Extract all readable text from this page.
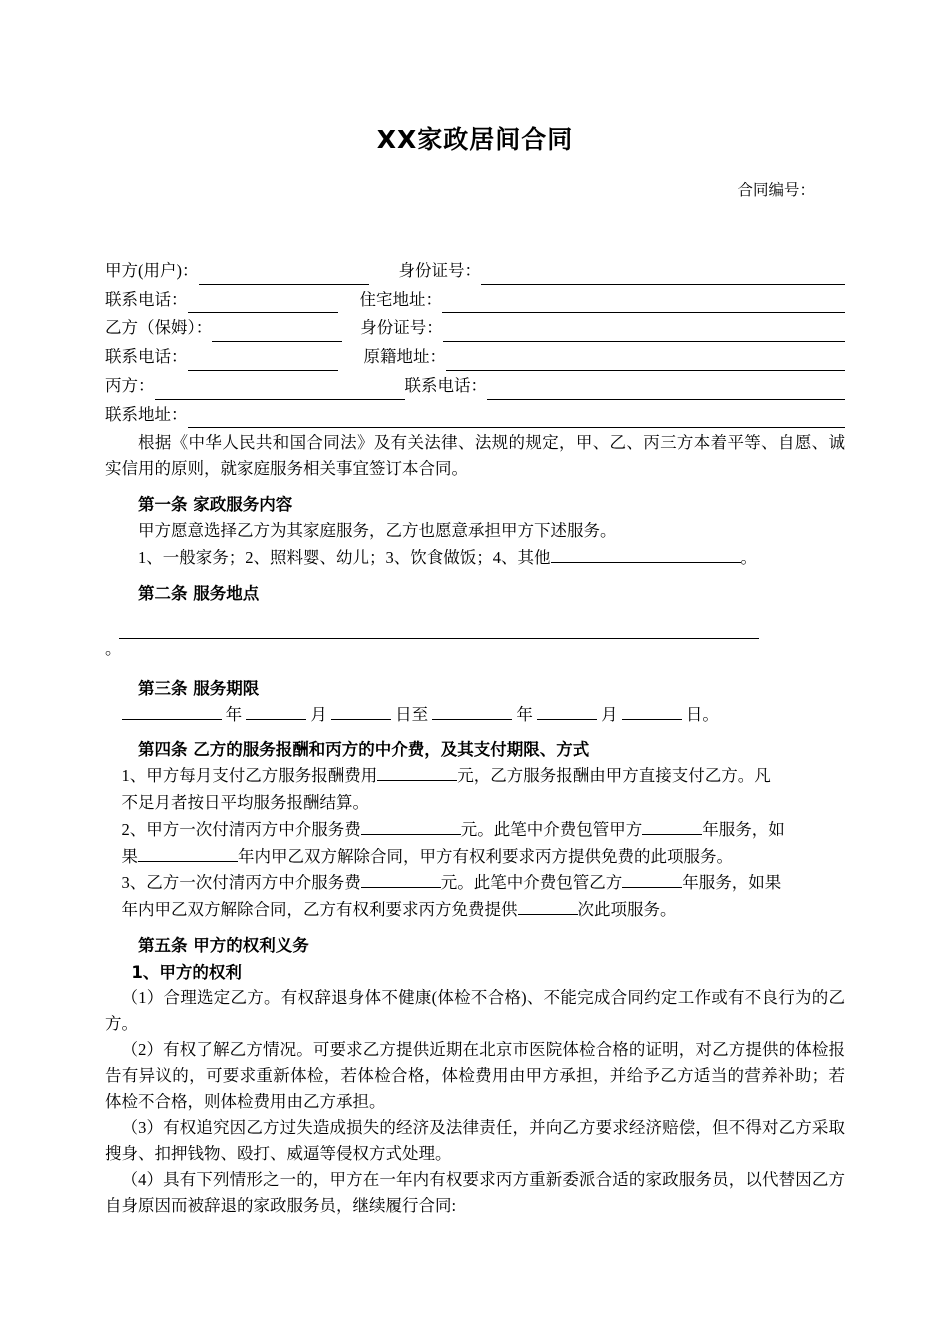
XX家政居间合同
合同编号：
甲方(用户)：	身份证号：
联系电话：	住宅地址：
乙方（保姆）：	身份证号：
联系电话：	原籍地址：
丙方：	联系电话：
联系地址：

根据《中华人民共和国合同法》及有关法律、法规的规定，甲、乙、丙三方本着平等、自愿、诚实信用的原则，就家庭服务相关事宜签订本合同。

第一条 家政服务内容
甲方愿意选择乙方为其家庭服务，乙方也愿意承担甲方下述服务。
1、一般家务；2、照料婴、幼儿；3、饮食做饭；4、其他	。
第二条 服务地点
。
第三条 服务期限
年	月	日至	年	月	日。
第四条 乙方的服务报酬和丙方的中介费，及其支付期限、方式
1、甲方每月支付乙方服务报酬费用	元，乙方服务报酬由甲方直接支付乙方。凡
不足月者按日平均服务报酬结算。
2、甲方一次付清丙方中介服务费	元。此笔中介费包管甲方	年服务，如
果	年内甲乙双方解除合同，甲方有权利要求丙方提供免费的此项服务。
3、乙方一次付清丙方中介服务费	元。此笔中介费包管乙方	年服务，如果
年内甲乙双方解除合同，乙方有权利要求丙方免费提供	次此项服务。
第五条 甲方的权利义务
1、甲方的权利

（1）合理选定乙方。有权辞退身体不健康(体检不合格)、不能完成合同约定工作或有不良行为的乙方。

（2）有权了解乙方情况。可要求乙方提供近期在北京市医院体检合格的证明，对乙方提供的体检报告有异议的，可要求重新体检，若体检合格，体检费用由甲方承担，并给予乙方适当的营养补助；若体检不合格，则体检费用由乙方承担。

（3）有权追究因乙方过失造成损失的经济及法律责任，并向乙方要求经济赔偿，但不得对乙方采取搜身、扣押钱物、殴打、威逼等侵权方式处理。

（4）具有下列情形之一的，甲方在一年内有权要求丙方重新委派合适的家政服务员，以代替因乙方自身原因而被辞退的家政服务员，继续履行合同:
